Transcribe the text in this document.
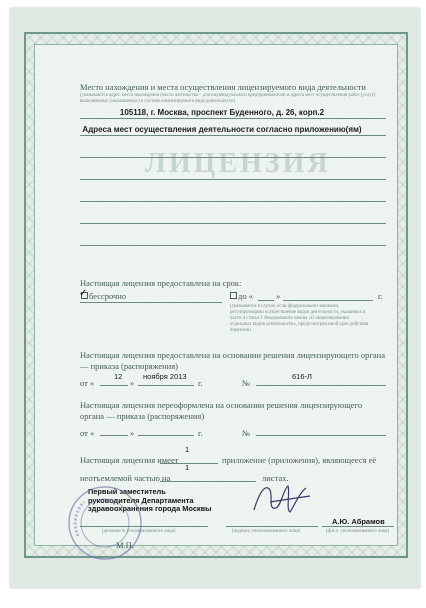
ЛИЦЕНЗИЯ
Место нахождения и места осуществления лицензируемого вида деятельности
(указываются адрес места нахождения (место жительства – для индивидуального предпринимателя) и адреса мест осуществления работ (услуг), выполняемых (оказываемых) в составе лицензируемого вида деятельности)
105118, г. Москва, проспект Буденного, д. 26, корп.2
Адреса мест осуществления деятельности согласно приложению(ям)
Настоящая лицензия предоставлена на срок:
✓ бессрочно	до «	»	г.
(указывается в случае, если федеральными законами, регулирующими осуществление видов деятельности, указанных в части 4 статьи 1 Федерального закона «О лицензировании отдельных видов деятельности», предусмотрен иной срок действия лицензии)
Настоящая лицензия предоставлена на основании решения лицензирующего органа — приказа (распоряжения)
от «
12
»
ноября 2013
г.	№
616-Л
Настоящая лицензия переоформлена на основании решения лицензирующего органа — приказа (распоряжения)
от «	»	г.	№
Настоящая лицензия имеет
1
приложение (приложения), являющееся её
неотъемлемой частью на
1
листах.
Первый заместитель руководителя Департамента здравоохранения города Москвы
(должность уполномоченного лица)	(подпись уполномоченного лица)
А.Ю. Абрамов
(ф.и.о. уполномоченного лица)
М.П.
